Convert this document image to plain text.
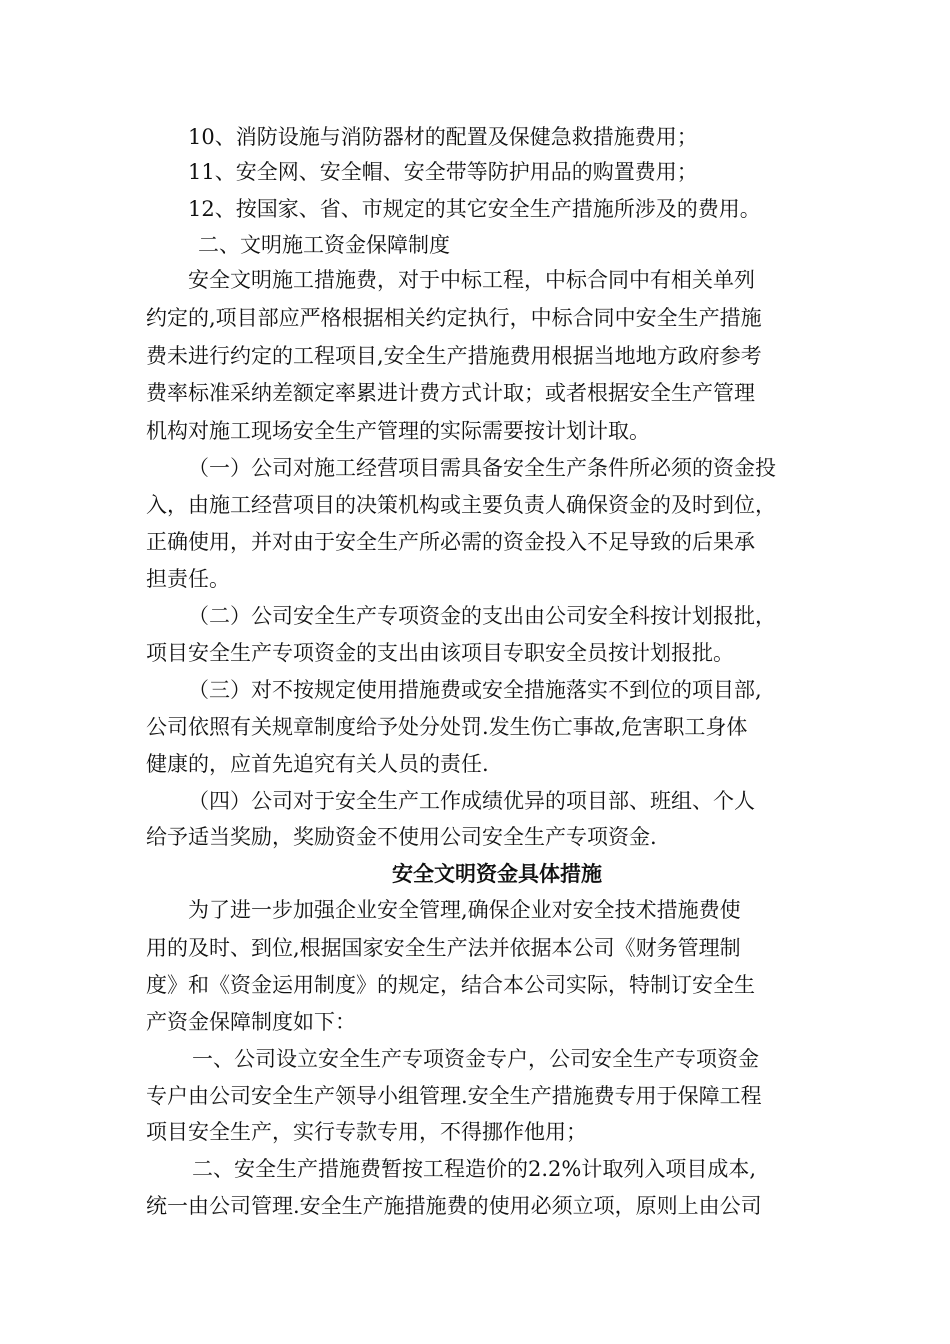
10、消防设施与消防器材的配置及保健急救措施费用；
11、安全网、安全帽、安全带等防护用品的购置费用；
12、按国家、省、市规定的其它安全生产措施所涉及的费用。
二、文明施工资金保障制度
安全文明施工措施费，对于中标工程，中标合同中有相关单列
约定的,项目部应严格根据相关约定执行，中标合同中安全生产措施
费未进行约定的工程项目,安全生产措施费用根据当地地方政府参考
费率标准采纳差额定率累进计费方式计取；或者根据安全生产管理
机构对施工现场安全生产管理的实际需要按计划计取。
（一）公司对施工经营项目需具备安全生产条件所必须的资金投
入，由施工经营项目的决策机构或主要负责人确保资金的及时到位，
正确使用，并对由于安全生产所必需的资金投入不足导致的后果承
担责任。
（二）公司安全生产专项资金的支出由公司安全科按计划报批，
项目安全生产专项资金的支出由该项目专职安全员按计划报批。
（三）对不按规定使用措施费或安全措施落实不到位的项目部,
公司依照有关规章制度给予处分处罚.发生伤亡事故,危害职工身体
健康的，应首先追究有关人员的责任.
（四）公司对于安全生产工作成绩优异的项目部、班组、个人
给予适当奖励，奖励资金不使用公司安全生产专项资金.
安全文明资金具体措施
为了进一步加强企业安全管理,确保企业对安全技术措施费使
用的及时、到位,根据国家安全生产法并依据本公司《财务管理制
度》和《资金运用制度》的规定，结合本公司实际，特制订安全生
产资金保障制度如下：
一、公司设立安全生产专项资金专户，公司安全生产专项资金
专户由公司安全生产领导小组管理.安全生产措施费专用于保障工程
项目安全生产，实行专款专用，不得挪作他用；
二、安全生产措施费暂按工程造价的2.2%计取列入项目成本,
统一由公司管理.安全生产施措施费的使用必须立项，原则上由公司
